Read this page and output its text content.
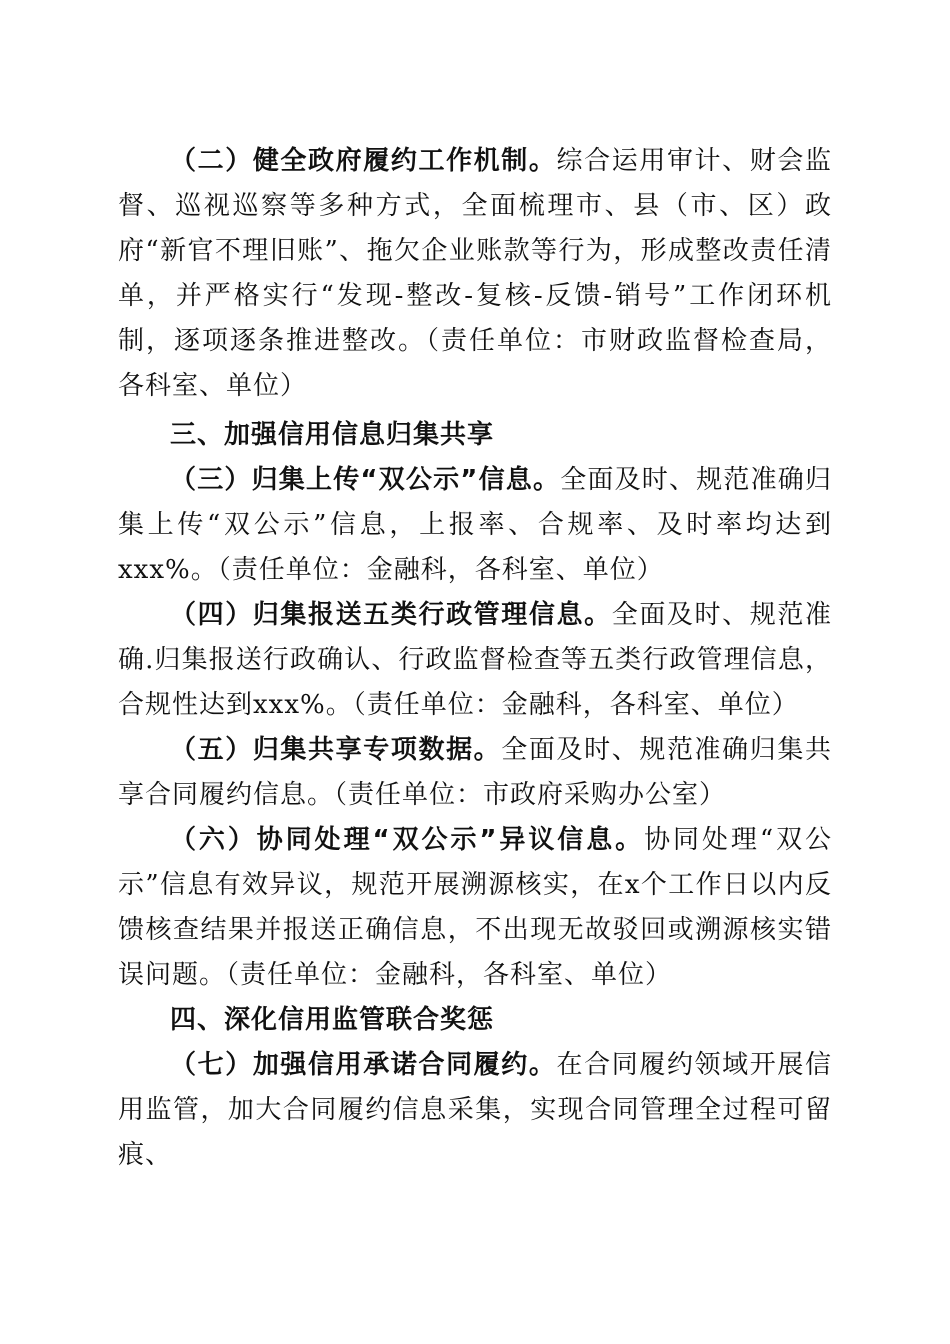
（二）健全政府履约工作机制。综合运用审计、财会监督、巡视巡察等多种方式，全面梳理市、县（市、区）政府“新官不理旧账”、拖欠企业账款等行为，形成整改责任清单，并严格实行“发现-整改-复核-反馈-销号”工作闭环机制，逐项逐条推进整改。（责任单位：市财政监督检查局，各科室、单位）

三、加强信用信息归集共享

（三）归集上传“双公示”信息。全面及时、规范准确归集上传“双公示”信息，上报率、合规率、及时率均达到xxx%。（责任单位：金融科，各科室、单位）

（四）归集报送五类行政管理信息。全面及时、规范准确.归集报送行政确认、行政监督检查等五类行政管理信息，合规性达到xxx%。（责任单位：金融科，各科室、单位）

（五）归集共享专项数据。全面及时、规范准确归集共享合同履约信息。（责任单位：市政府采购办公室）

（六）协同处理“双公示”异议信息。协同处理“双公示”信息有效异议，规范开展溯源核实，在x个工作日以内反馈核查结果并报送正确信息，不出现无故驳回或溯源核实错误问题。（责任单位：金融科，各科室、单位）

四、深化信用监管联合奖惩

（七）加强信用承诺合同履约。在合同履约领域开展信用监管，加大合同履约信息采集，实现合同管理全过程可留痕、
